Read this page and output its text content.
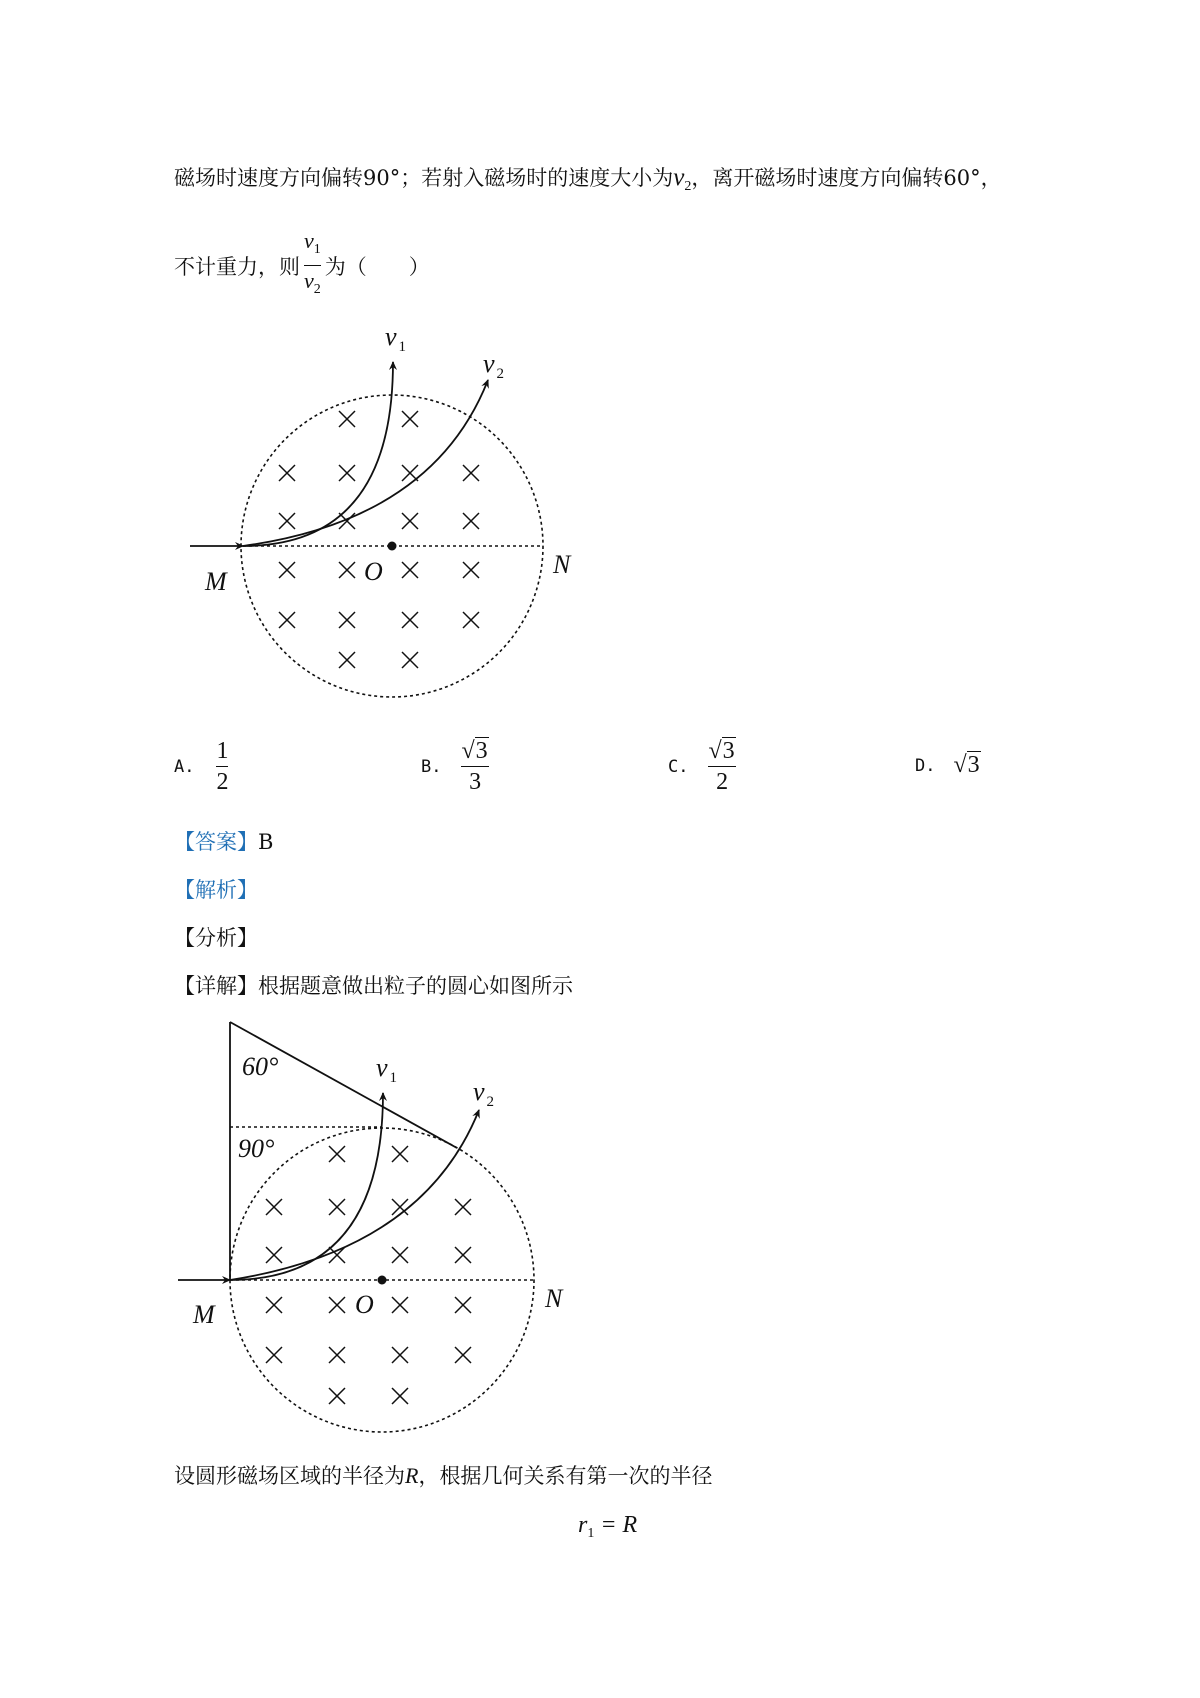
磁场时速度方向偏转90°；若射入磁场时的速度大小为$v_2$，离开磁场时速度方向偏转60°，
不计重力，则 $\frac{v_1}{v_2}$ 为（　　）
v $_1$
v $_2$
M	O	N
A. $\frac{1}{2}$	B. $\frac{√3}{3}$	C. $\frac{√3}{2}$	D. √3
【答案】B
【解析】
【分析】
【详解】根据题意做出粒子的圆心如图所示
60°
90°
v $_1$	v $_2$
M	O	N
设圆形磁场区域的半径为R，根据几何关系有第一次的半径
$r_1 = R$
